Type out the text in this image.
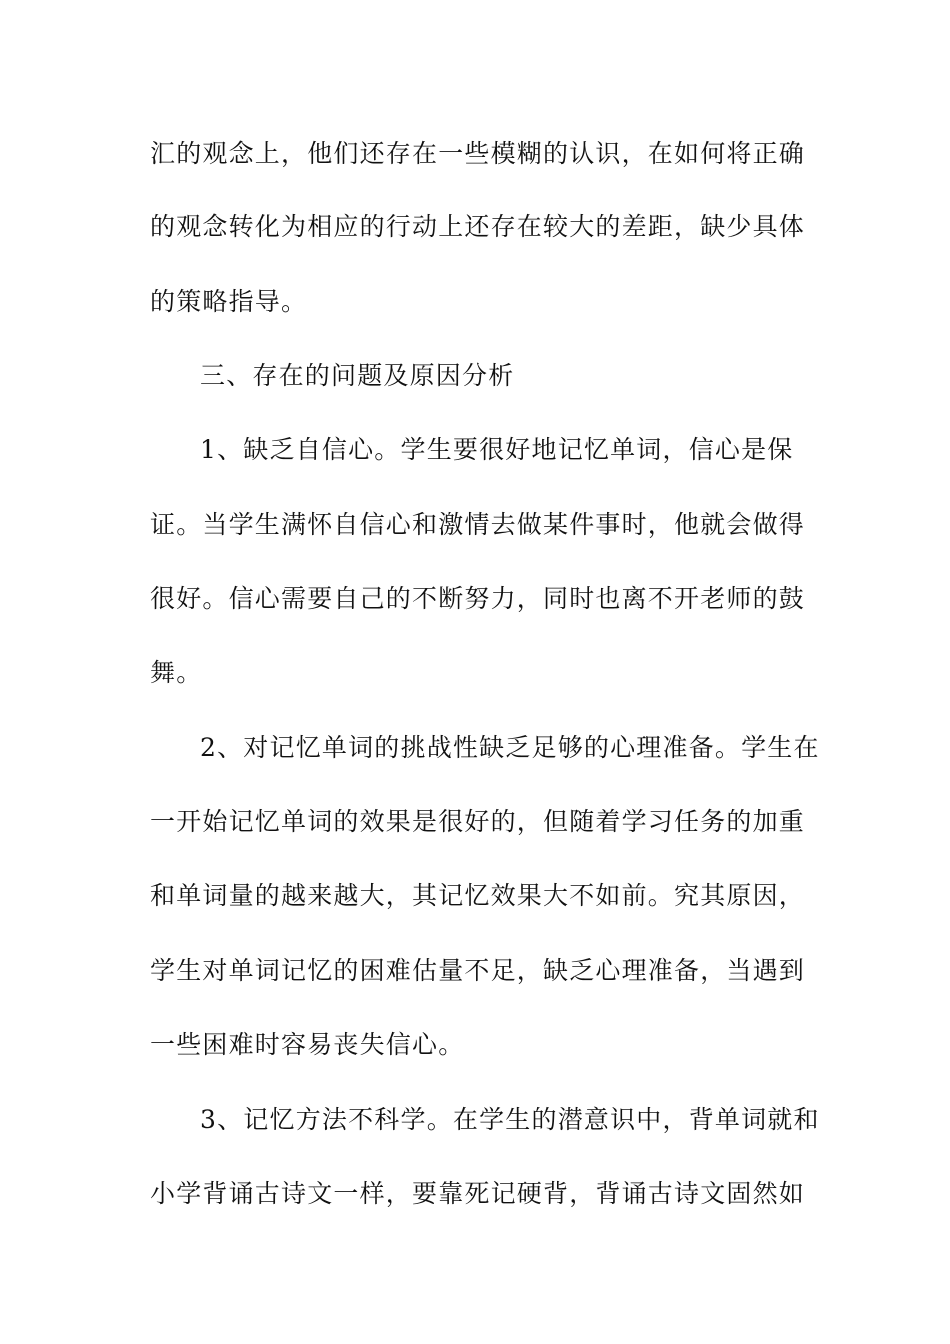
汇的观念上，他们还存在一些模糊的认识，在如何将正确
的观念转化为相应的行动上还存在较大的差距，缺少具体
的策略指导。
三、存在的问题及原因分析
1、缺乏自信心。学生要很好地记忆单词，信心是保
证。当学生满怀自信心和激情去做某件事时，他就会做得
很好。信心需要自己的不断努力，同时也离不开老师的鼓
舞。
2、对记忆单词的挑战性缺乏足够的心理准备。学生在
一开始记忆单词的效果是很好的，但随着学习任务的加重
和单词量的越来越大，其记忆效果大不如前。究其原因，
学生对单词记忆的困难估量不足，缺乏心理准备，当遇到
一些困难时容易丧失信心。
3、记忆方法不科学。在学生的潜意识中，背单词就和
小学背诵古诗文一样，要靠死记硬背，背诵古诗文固然如
